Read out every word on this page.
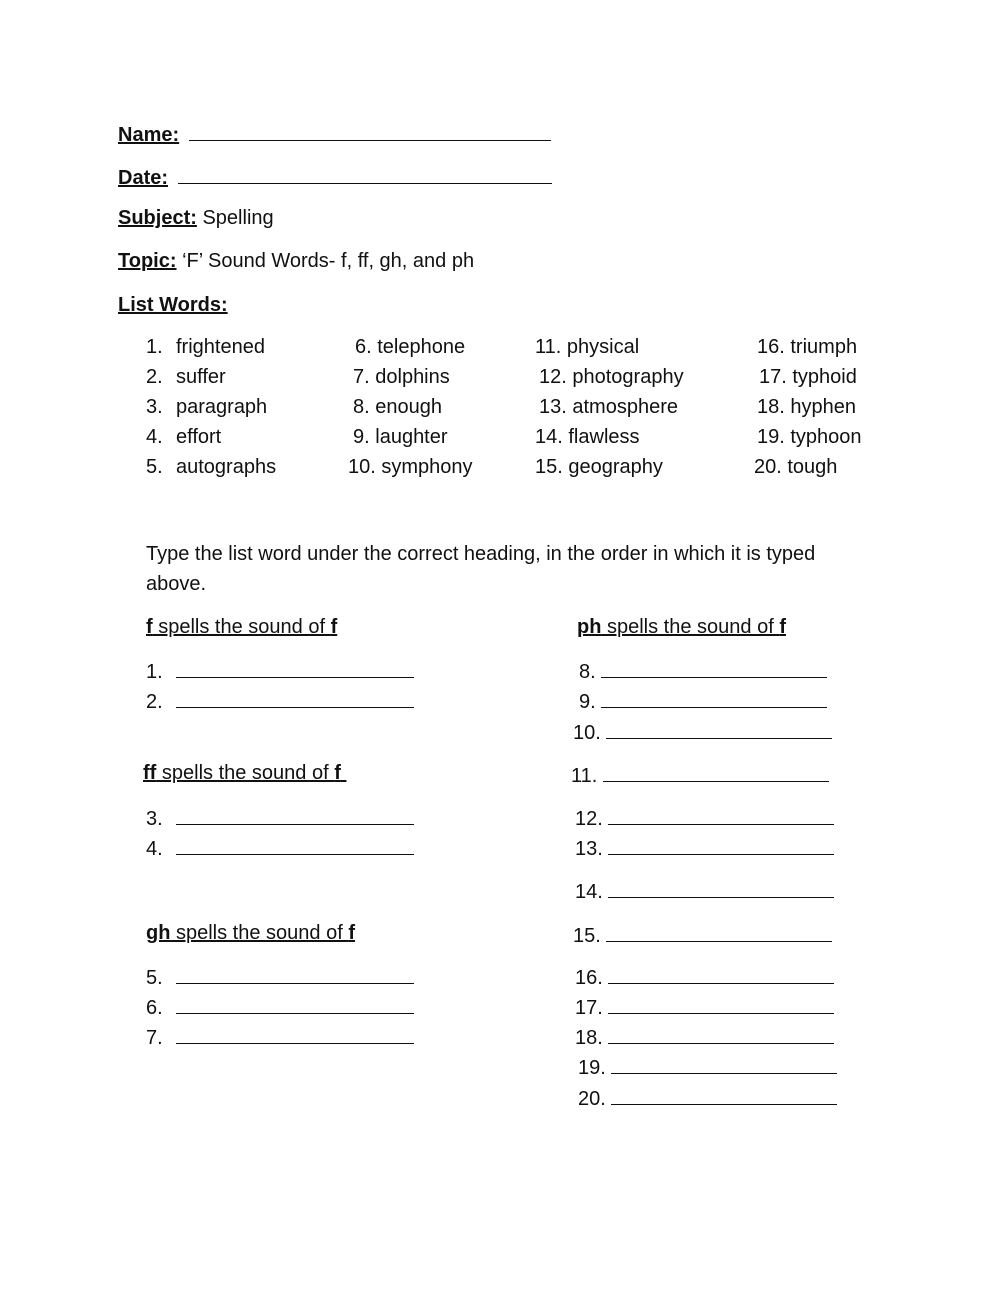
Name:
Date:
Subject: Spelling
Topic: ‘F’ Sound Words- f, ff, gh, and ph
List Words:
1. frightened
2. suffer
3. paragraph
4. effort
5. autographs
6. telephone
7. dolphins
8. enough
9. laughter
10. symphony
11. physical
12. photography
13. atmosphere
14. flawless
15. geography
16. triumph
17. typhoid
18. hyphen
19. typhoon
20. tough
Type the list word under the correct heading, in the order in which it is typed
above.
f spells the sound of f	ph spells the sound of f
ff spells the sound of f
gh spells the sound of f
1.
2.
3.
4.
5.
6.
7.
8.
9.
10.
11.
12.
13.
14.
15.
16.
17.
18.
19.
20.
